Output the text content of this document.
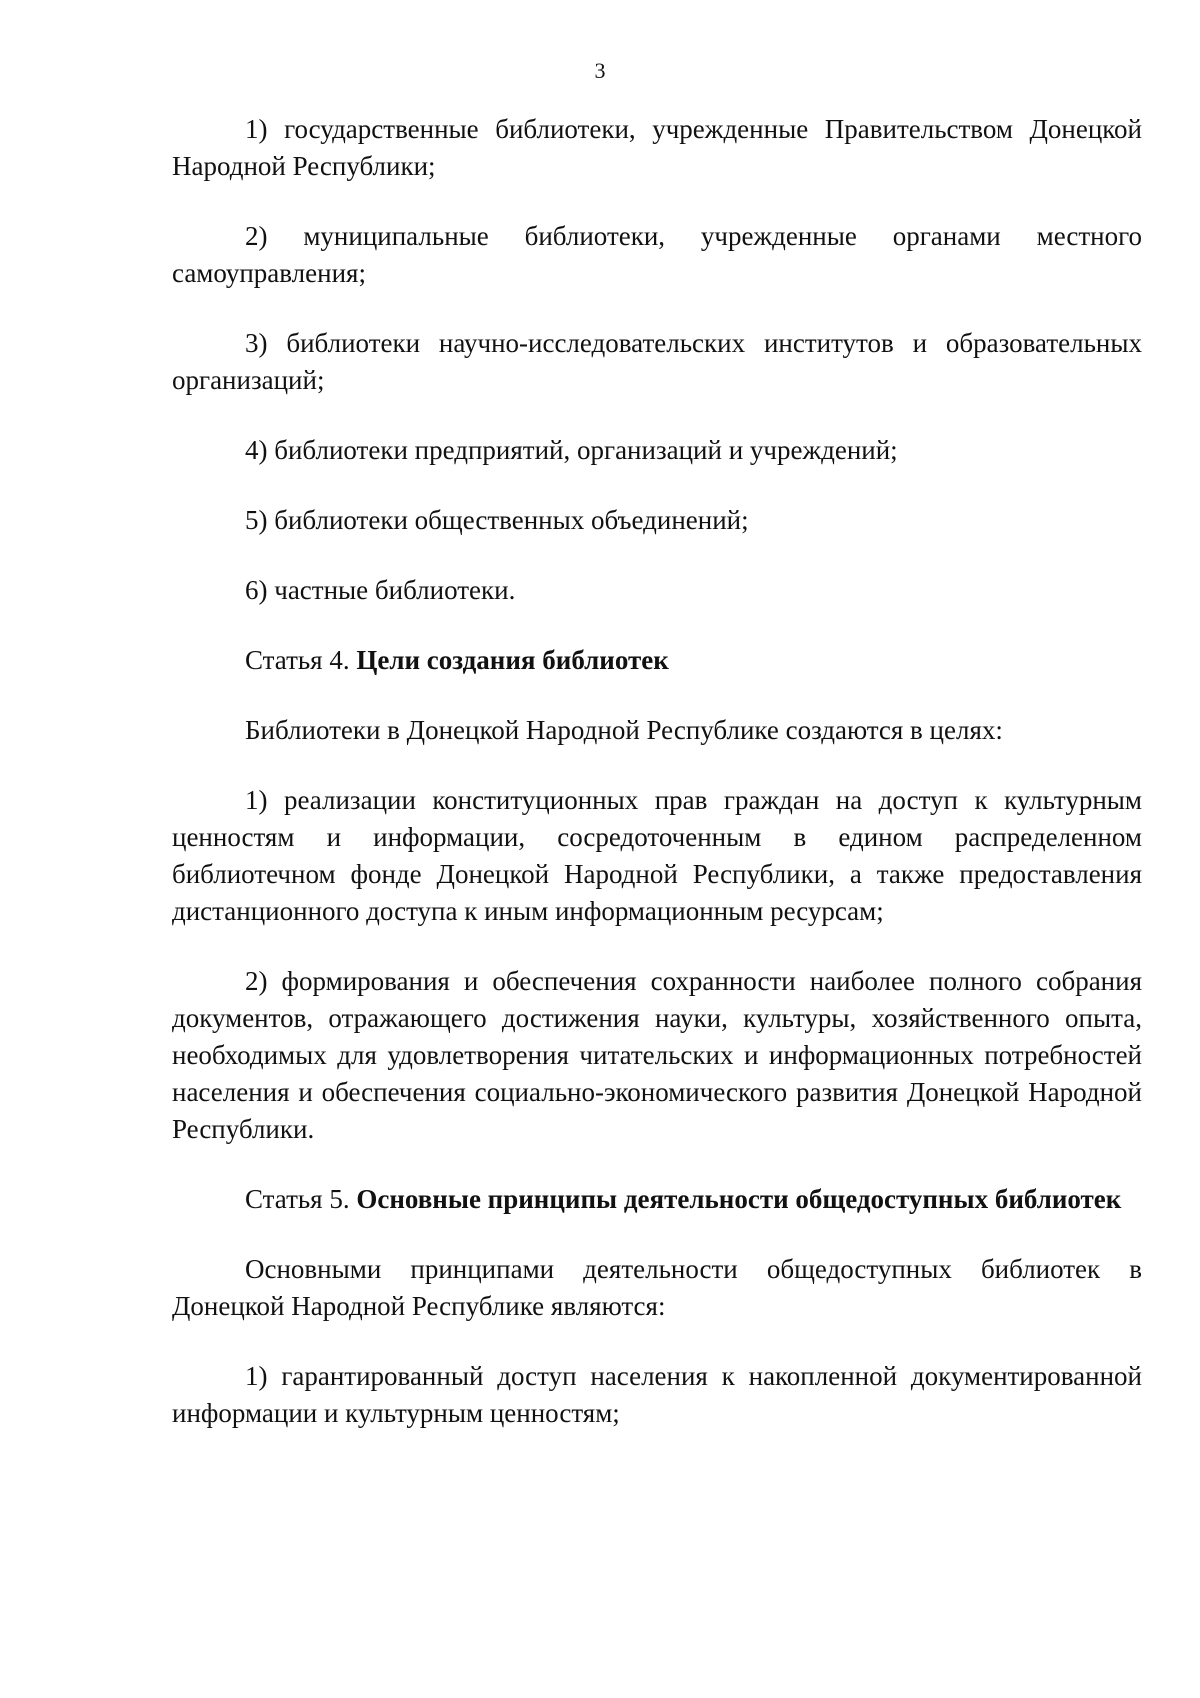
3

1) государственные библиотеки, учрежденные Правительством Донецкой Народной Республики;

2) муниципальные библиотеки, учрежденные органами местного самоуправления;

3) библиотеки научно-исследовательских институтов и образовательных организаций;

4) библиотеки предприятий, организаций и учреждений;

5) библиотеки общественных объединений;

6) частные библиотеки.

Статья 4. Цели создания библиотек

Библиотеки в Донецкой Народной Республике создаются в целях:

1) реализации конституционных прав граждан на доступ к культурным ценностям и информации, сосредоточенным в едином распределенном библиотечном фонде Донецкой Народной Республики, а также предоставления дистанционного доступа к иным информационным ресурсам;

2) формирования и обеспечения сохранности наиболее полного собрания документов, отражающего достижения науки, культуры, хозяйственного опыта, необходимых для удовлетворения читательских и информационных потребностей населения и обеспечения социально-экономического развития Донецкой Народной Республики.

Статья 5. Основные принципы деятельности общедоступных библиотек

Основными принципами деятельности общедоступных библиотек в Донецкой Народной Республике являются:

1) гарантированный доступ населения к накопленной документированной информации и культурным ценностям;
